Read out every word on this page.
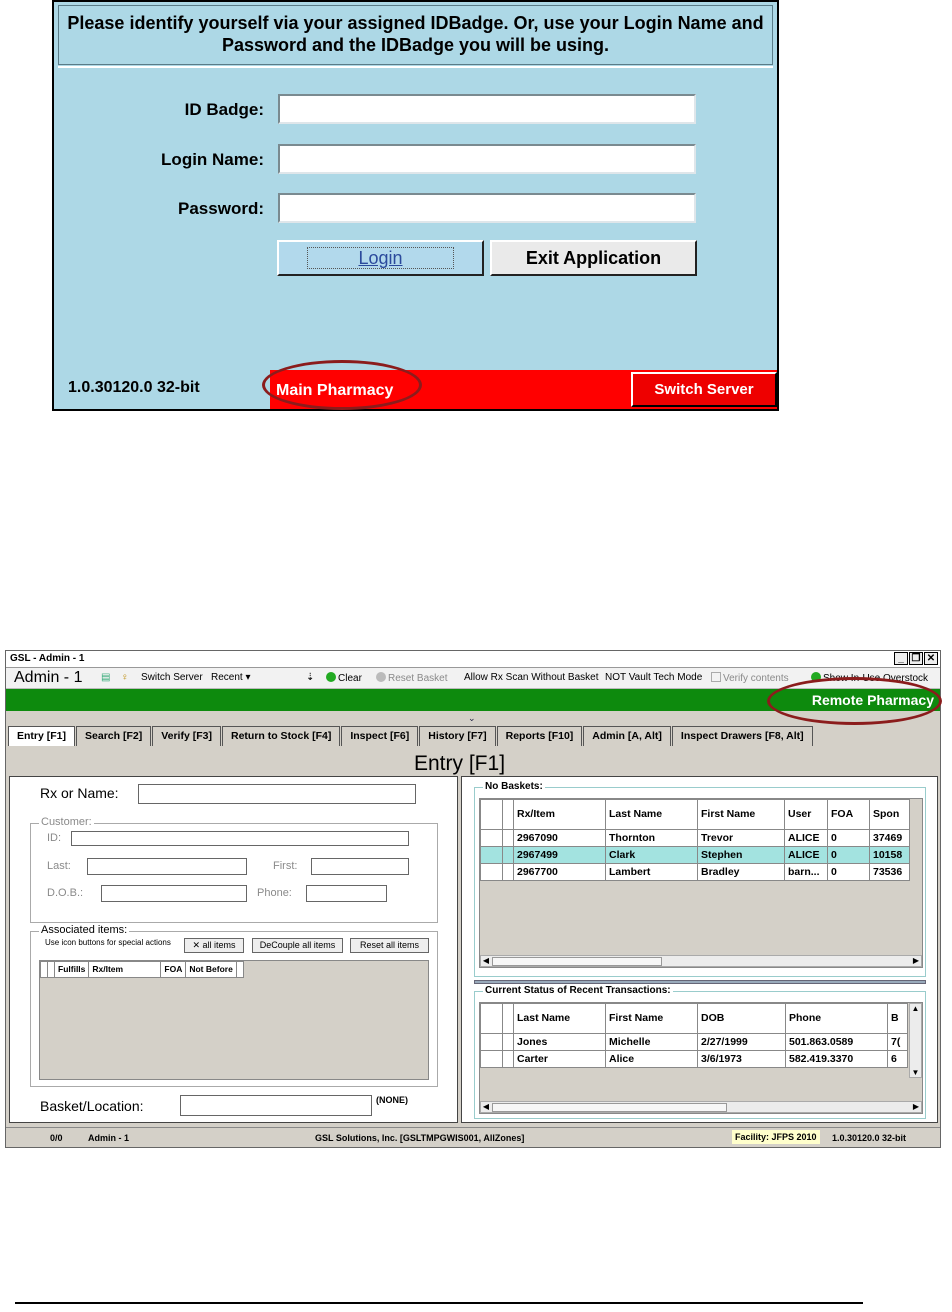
Please identify yourself via your assigned IDBadge. Or, use your Login Name and
Password and the IDBadge you will be using.
ID Badge:
Login Name:
Password:
Login	Exit Application
1.0.30120.0 32-bit	Main Pharmacy	Switch Server
GSL - Admin - 1	_ ❐ ✕
Admin - 1 ▤ ♀ Switch Server Recent ▾	⇣	Clear	Reset Basket Allow Rx Scan Without Basket NOT Vault Tech Mode	Verify contents	Show In-Use Overstock
Remote Pharmacy
⌄
Entry [F1]	Search [F2]	Verify [F3]	Return to Stock [F4]	Inspect [F6]	History [F7]	Reports [F10]	Admin [A, Alt]	Inspect Drawers [F8, Alt]
Entry [F1]
Rx or Name:
Customer:
ID:
Last:	First:
D.O.B.:	Phone:
Associated items:
Use icon buttons for special actions	✕ all items	DeCouple all items	Reset all items
		Fulfills	Rx/Item	FOA	Not Before	
Basket/Location:	(NONE)
No Baskets:
		Rx/Item	Last Name	First Name	User	FOA	Spon
		2967090	Thornton	Trevor	ALICE	0	37469
		2967499	Clark	Stephen	ALICE	0	10158
		2967700	Lambert	Bradley	barn...	0	73536
◀	▶
Current Status of Recent Transactions:
		Last Name	First Name	DOB	Phone	B
		Jones	Michelle	2/27/1999	501.863.0589	7(
		Carter	Alice	3/6/1973	582.419.3370	6
▲
▼
◀	▶
0/0	Admin - 1	GSL Solutions, Inc. [GSLTMPGWIS001, AllZones]	Facility: JFPS 2010	1.0.30120.0 32-bit
